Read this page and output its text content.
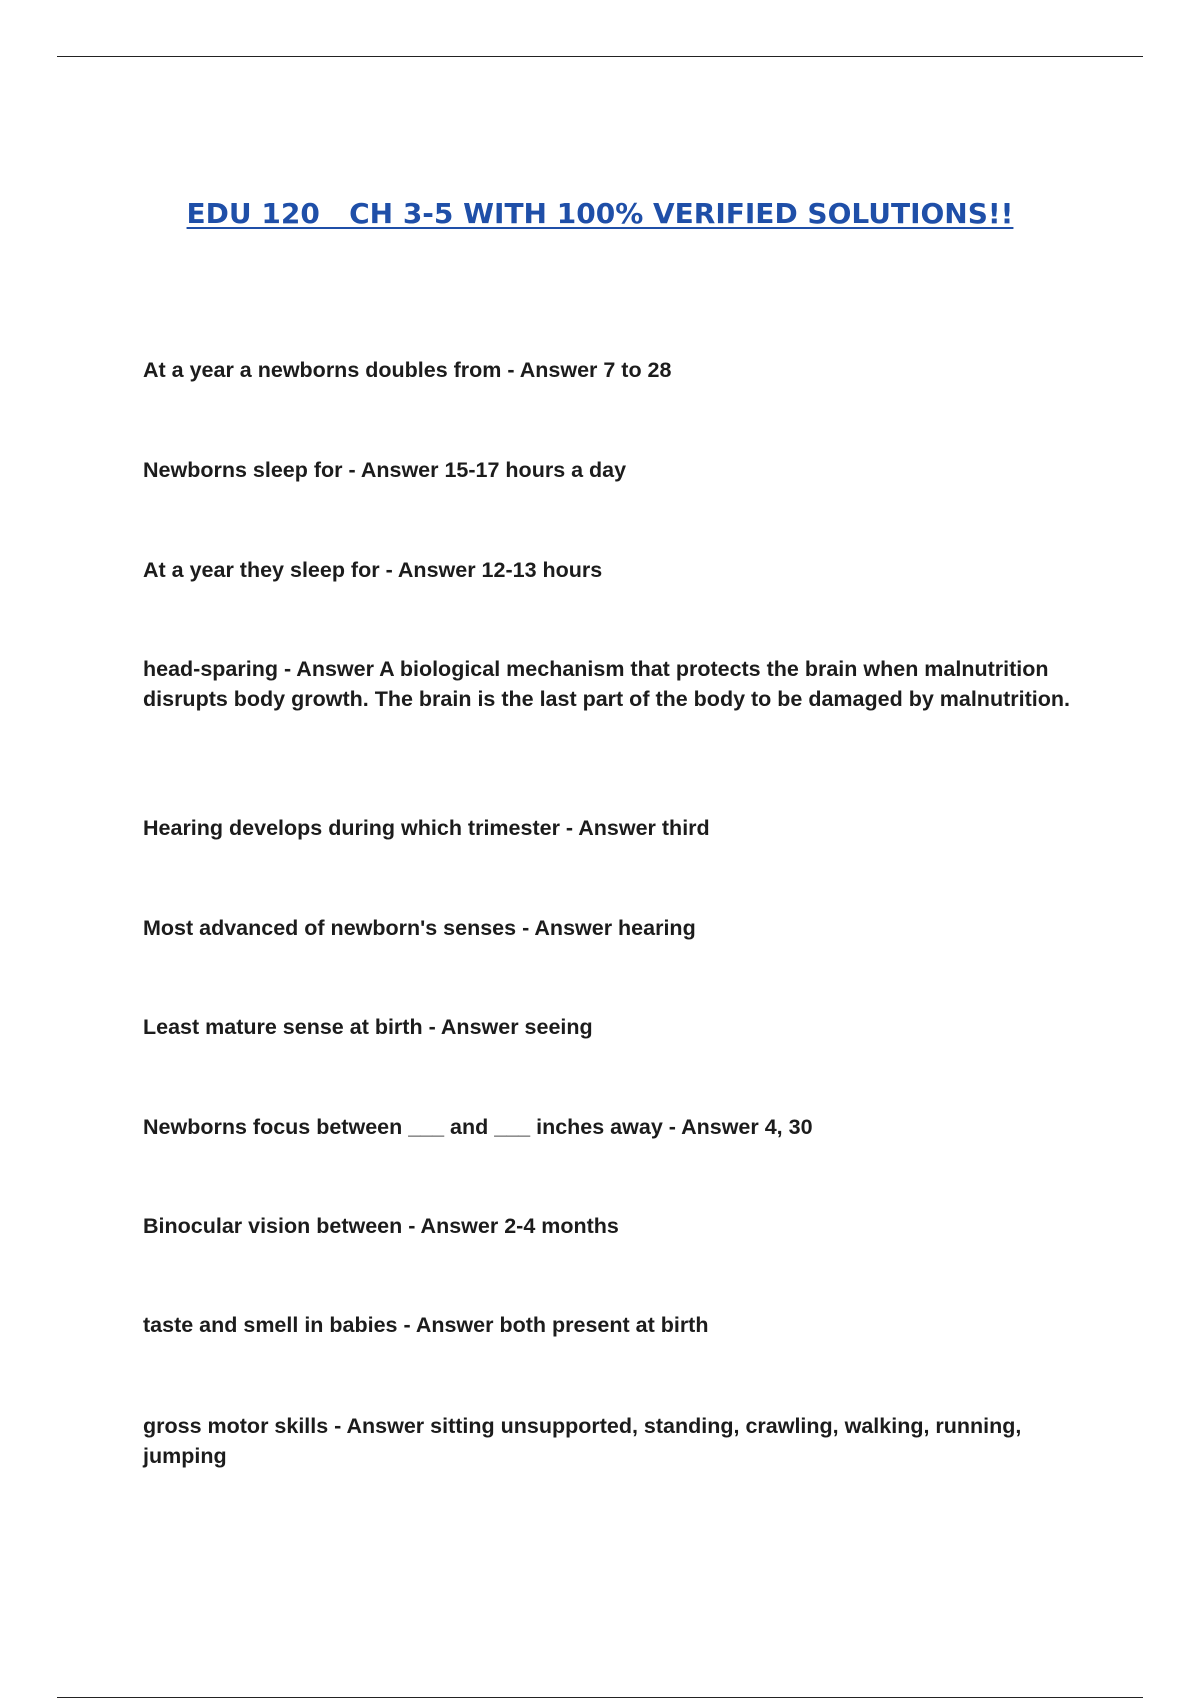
EDU 120   CH 3-5 WITH 100% VERIFIED SOLUTIONS!!
At a year a newborns doubles from - Answer 7 to 28
Newborns sleep for - Answer 15-17 hours a day
At a year they sleep for - Answer 12-13 hours
head-sparing - Answer A biological mechanism that protects the brain when malnutrition disrupts body growth. The brain is the last part of the body to be damaged by malnutrition.
Hearing develops during which trimester - Answer third
Most advanced of newborn's senses - Answer hearing
Least mature sense at birth - Answer seeing
Newborns focus between ___ and ___ inches away - Answer 4, 30
Binocular vision between - Answer 2-4 months
taste and smell in babies - Answer both present at birth
gross motor skills - Answer sitting unsupported, standing, crawling, walking, running, jumping
